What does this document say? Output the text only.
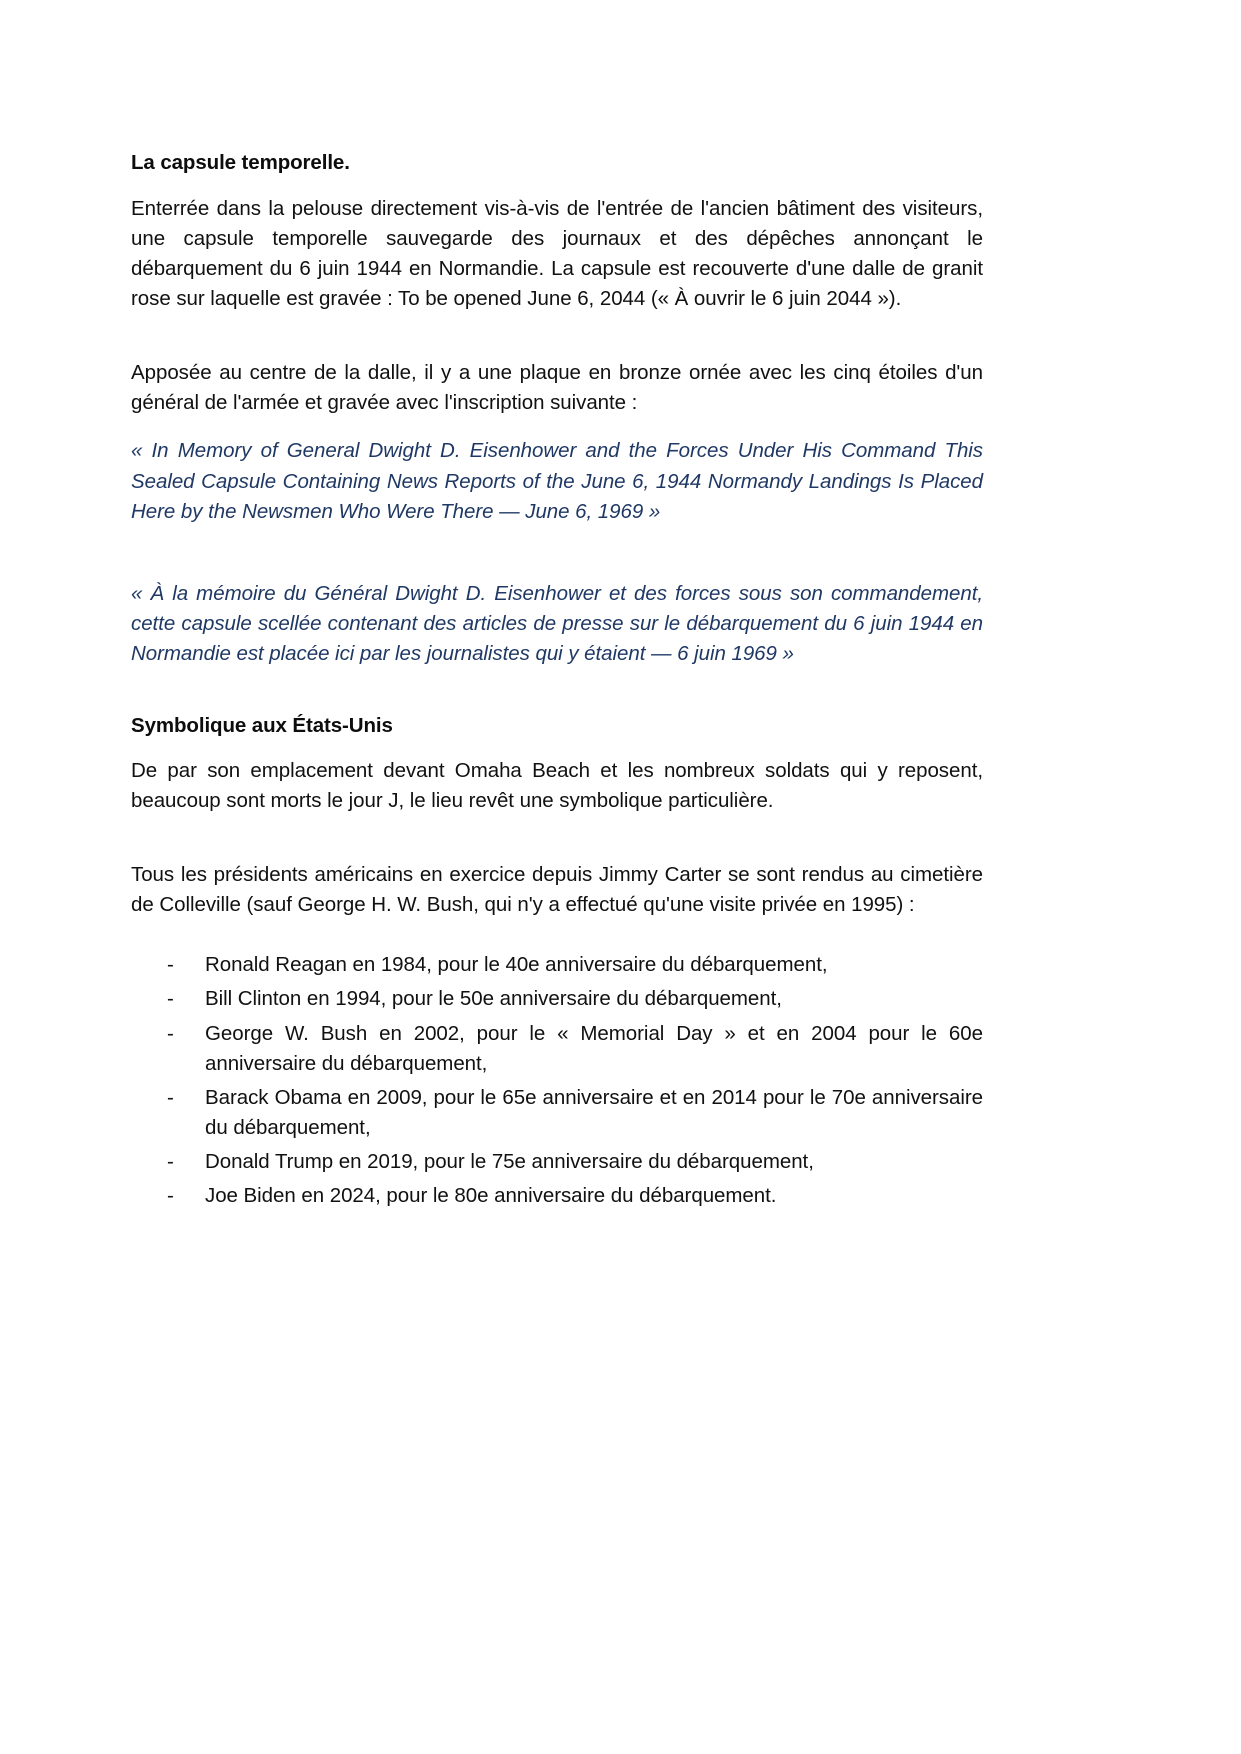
La capsule temporelle.

Enterrée dans la pelouse directement vis-à-vis de l'entrée de l'ancien bâtiment des visiteurs, une capsule temporelle sauvegarde des journaux et des dépêches annonçant le débarquement du 6 juin 1944 en Normandie. La capsule est recouverte d'une dalle de granit rose sur laquelle est gravée : To be opened June 6, 2044 (« À ouvrir le 6 juin 2044 »).

Apposée au centre de la dalle, il y a une plaque en bronze ornée avec les cinq étoiles d'un général de l'armée et gravée avec l'inscription suivante :

« In Memory of General Dwight D. Eisenhower and the Forces Under His Command This Sealed Capsule Containing News Reports of the June 6, 1944 Normandy Landings Is Placed Here by the Newsmen Who Were There — June 6, 1969 »

« À la mémoire du Général Dwight D. Eisenhower et des forces sous son commandement, cette capsule scellée contenant des articles de presse sur le débarquement du 6 juin 1944 en Normandie est placée ici par les journalistes qui y étaient — 6 juin 1969 »

Symbolique aux États-Unis

De par son emplacement devant Omaha Beach et les nombreux soldats qui y reposent, beaucoup sont morts le jour J, le lieu revêt une symbolique particulière.

Tous les présidents américains en exercice depuis Jimmy Carter se sont rendus au cimetière de Colleville (sauf George H. W. Bush, qui n'y a effectué qu'une visite privée en 1995) :

-	Ronald Reagan en 1984, pour le 40e anniversaire du débarquement,
-	Bill Clinton en 1994, pour le 50e anniversaire du débarquement,
-	George W. Bush en 2002, pour le « Memorial Day » et en 2004 pour le 60e anniversaire du débarquement,
-	Barack Obama en 2009, pour le 65e anniversaire et en 2014 pour le 70e anniversaire du débarquement,
-	Donald Trump en 2019, pour le 75e anniversaire du débarquement,
-	Joe Biden en 2024, pour le 80e anniversaire du débarquement.
